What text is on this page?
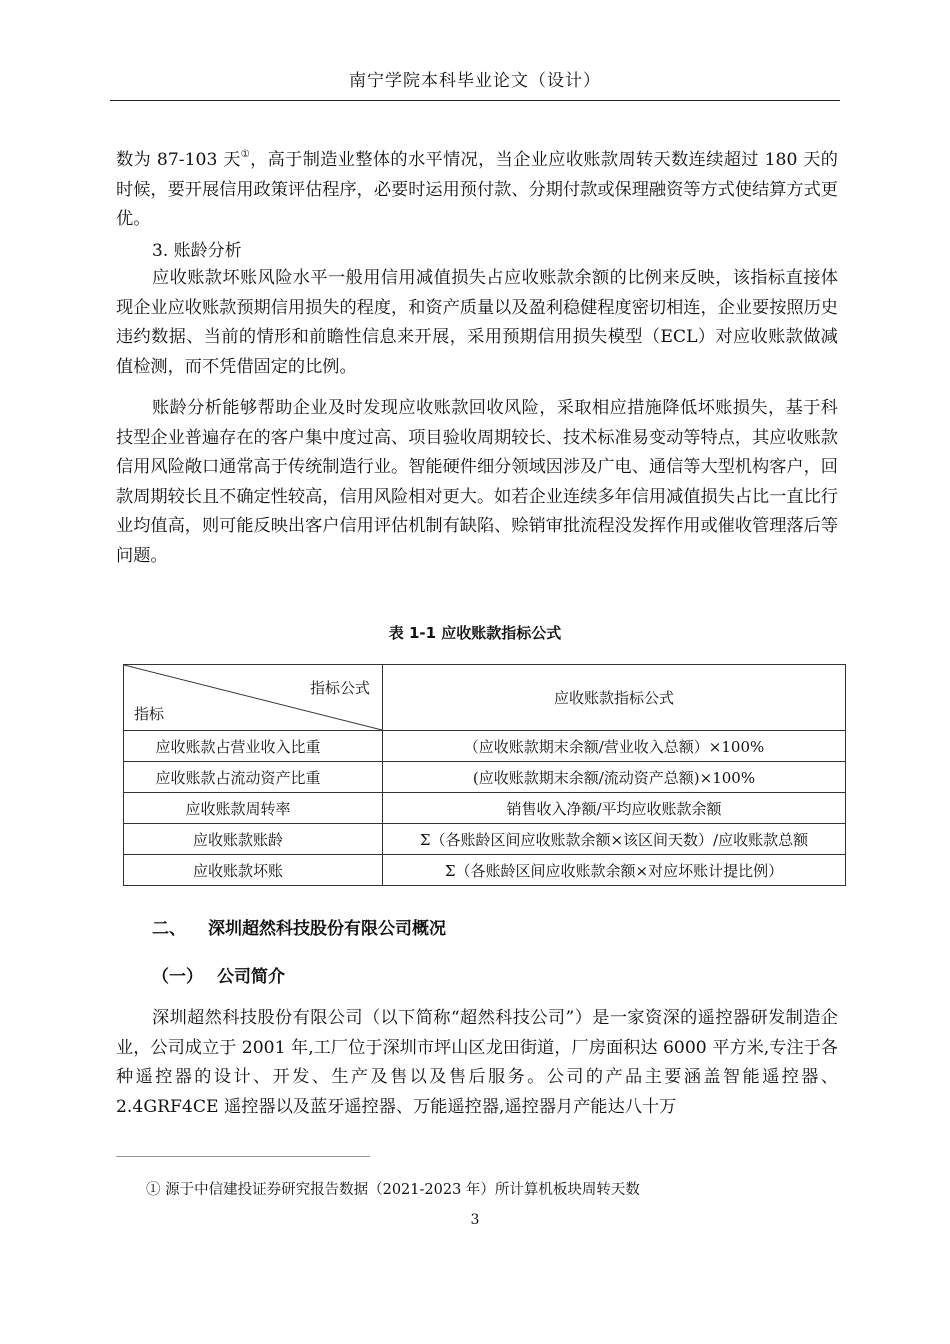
南宁学院本科毕业论文（设计）

数为 87-103 天①，高于制造业整体的水平情况，当企业应收账款周转天数连续超过 180 天的时候，要开展信用政策评估程序，必要时运用预付款、分期付款或保理融资等方式使结算方式更优。

3. 账龄分析

应收账款坏账风险水平一般用信用减值损失占应收账款余额的比例来反映，该指标直接体现企业应收账款预期信用损失的程度，和资产质量以及盈利稳健程度密切相连，企业要按照历史违约数据、当前的情形和前瞻性信息来开展，采用预期信用损失模型（ECL）对应收账款做减值检测，而不凭借固定的比例。

账龄分析能够帮助企业及时发现应收账款回收风险，采取相应措施降低坏账损失，基于科技型企业普遍存在的客户集中度过高、项目验收周期较长、技术标准易变动等特点，其应收账款信用风险敞口通常高于传统制造行业。智能硬件细分领域因涉及广电、通信等大型机构客户，回款周期较长且不确定性较高，信用风险相对更大。如若企业连续多年信用减值损失占比一直比行业均值高，则可能反映出客户信用评估机制有缺陷、赊销审批流程没发挥作用或催收管理落后等问题。

表 1-1 应收账款指标公式
指标公式
指标	应收账款指标公式
应收账款占营业收入比重	（应收账款期末余额/营业收入总额）×100%
应收账款占流动资产比重	(应收账款期末余额/流动资产总额)×100%
应收账款周转率	销售收入净额/平均应收账款余额
应收账款账龄	Σ（各账龄区间应收账款余额×该区间天数）/应收账款总额
应收账款坏账	Σ（各账龄区间应收账款余额×对应坏账计提比例）
二、 深圳超然科技股份有限公司概况
（一） 公司简介

深圳超然科技股份有限公司（以下简称“超然科技公司”）是一家资深的遥控器研发制造企业，公司成立于 2001 年,工厂位于深圳市坪山区龙田街道，厂房面积达 6000 平方米,专注于各种遥控器的设计、开发、生产及售以及售后服务。公司的产品主要涵盖智能遥控器、2.4GRF4CE 遥控器以及蓝牙遥控器、万能遥控器,遥控器月产能达八十万

① 源于中信建投证券研究报告数据（2021-2023 年）所计算机板块周转天数
3
